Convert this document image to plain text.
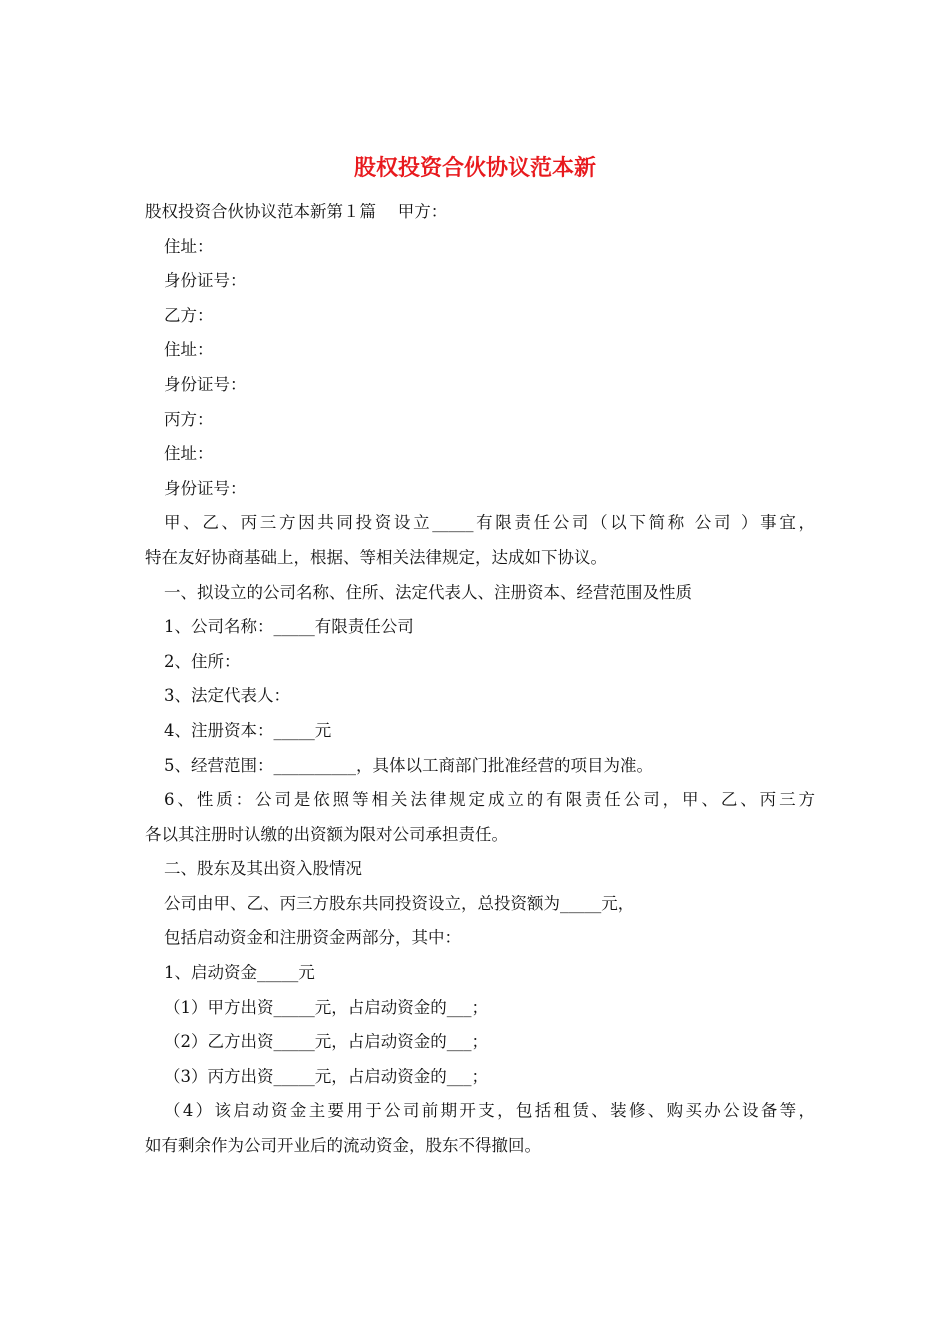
股权投资合伙协议范本新
股权投资合伙协议范本新第１篇　 甲方：
住址：
身份证号：
乙方：
住址：
身份证号：
丙方：
住址：
身份证号：
甲、乙、丙三方因共同投资设立_____有限责任公司（以下简称 公司 ）事宜，
特在友好协商基础上，根据、等相关法律规定，达成如下协议。
一、拟设立的公司名称、住所、法定代表人、注册资本、经营范围及性质
1、公司名称：_____有限责任公司
2、住所：
3、法定代表人：
4、注册资本：_____元
5、经营范围：__________，具体以工商部门批准经营的项目为准。
6、性质：公司是依照等相关法律规定成立的有限责任公司，甲、乙、丙三方
各以其注册时认缴的出资额为限对公司承担责任。
二、股东及其出资入股情况
公司由甲、乙、丙三方股东共同投资设立，总投资额为_____元，
包括启动资金和注册资金两部分，其中：
1、启动资金_____元
（1）甲方出资_____元，占启动资金的___；
（2）乙方出资_____元，占启动资金的___；
（3）丙方出资_____元，占启动资金的___；
（4）该启动资金主要用于公司前期开支，包括租赁、装修、购买办公设备等，
如有剩余作为公司开业后的流动资金，股东不得撤回。
